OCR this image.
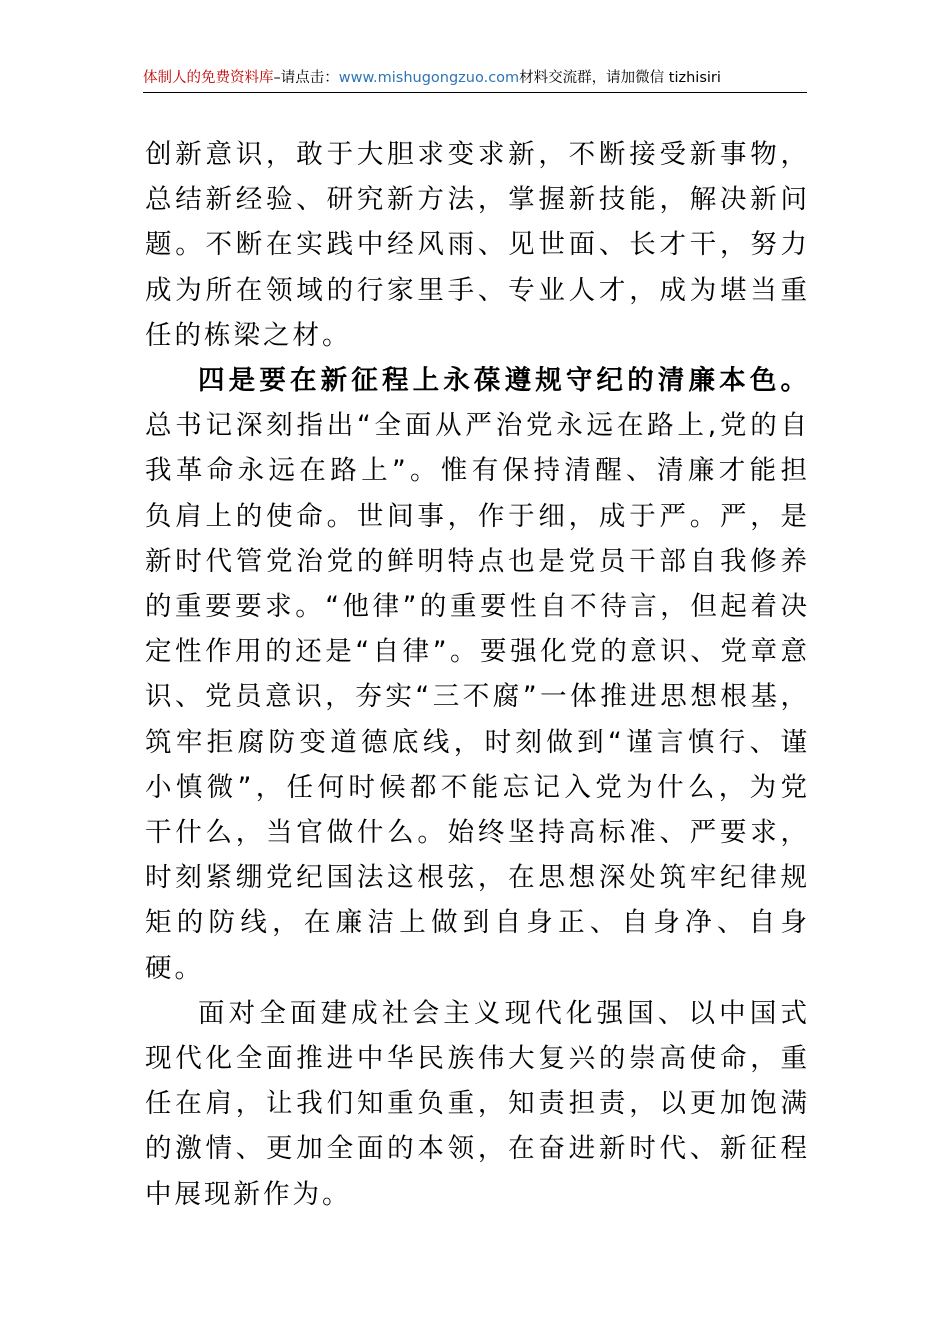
体制人的免费资料库–请点击：www.mishugongzuo.com材料交流群，请加微信 tizhisiri

创新意识，敢于大胆求变求新，不断接受新事物，总结新经验、研究新方法，掌握新技能，解决新问题。不断在实践中经风雨、见世面、长才干，努力成为所在领域的行家里手、专业人才，成为堪当重任的栋梁之材。

四是要在新征程上永葆遵规守纪的清廉本色。总书记深刻指出“全面从严治党永远在路上,党的自我革命永远在路上”。惟有保持清醒、清廉才能担负肩上的使命。世间事，作于细，成于严。严，是新时代管党治党的鲜明特点也是党员干部自我修养的重要要求。“他律”的重要性自不待言，但起着决定性作用的还是“自律”。要强化党的意识、党章意识、党员意识，夯实“三不腐”一体推进思想根基，筑牢拒腐防变道德底线，时刻做到“谨言慎行、谨小慎微”，任何时候都不能忘记入党为什么，为党干什么，当官做什么。始终坚持高标准、严要求，时刻紧绷党纪国法这根弦，在思想深处筑牢纪律规矩的防线，在廉洁上做到自身正、自身净、自身硬。

面对全面建成社会主义现代化强国、以中国式现代化全面推进中华民族伟大复兴的崇高使命，重任在肩，让我们知重负重，知责担责，以更加饱满的激情、更加全面的本领，在奋进新时代、新征程中展现新作为。
